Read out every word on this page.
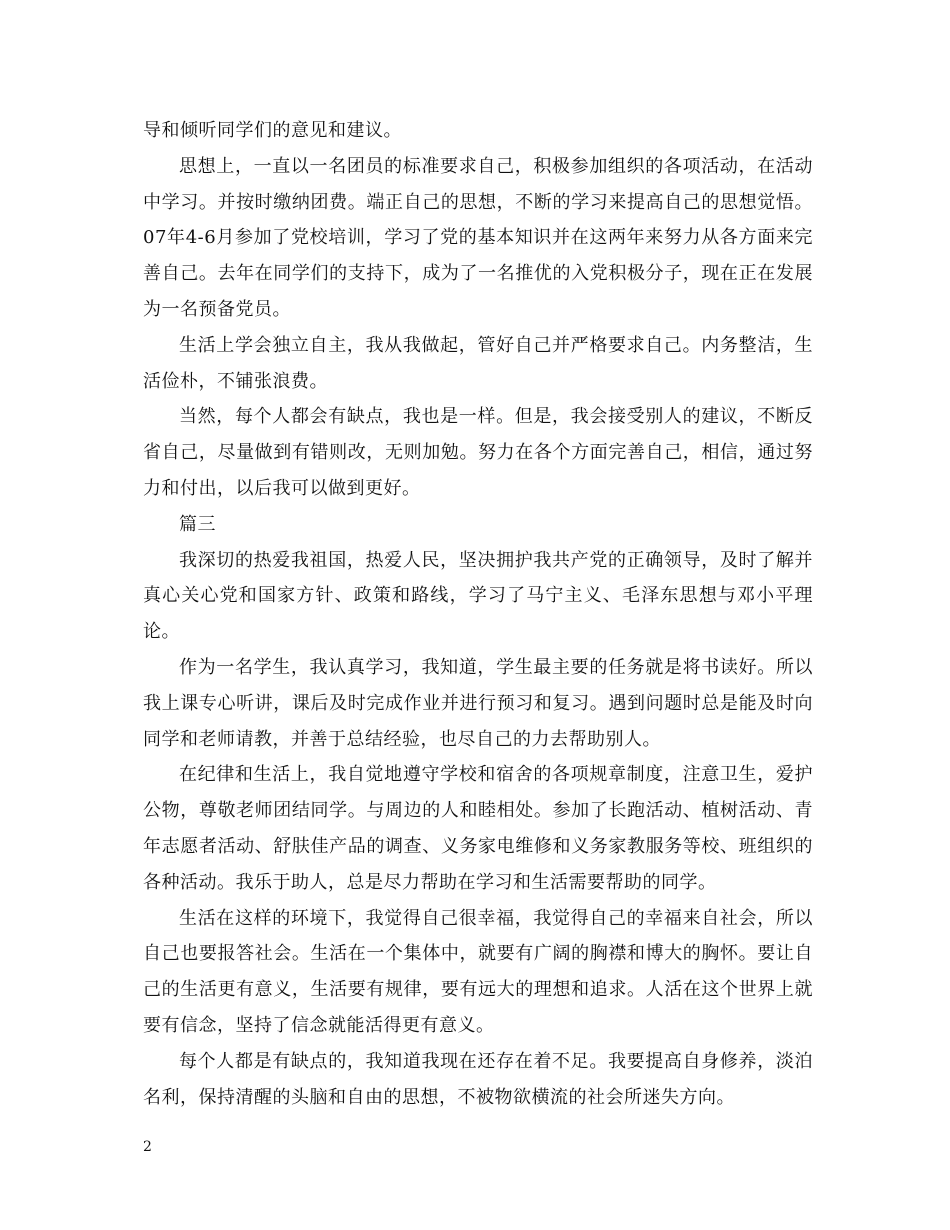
导和倾听同学们的意见和建议。

思想上，一直以一名团员的标准要求自己，积极参加组织的各项活动，在活动中学习。并按时缴纳团费。端正自己的思想，不断的学习来提高自己的思想觉悟。07年4-6月参加了党校培训，学习了党的基本知识并在这两年来努力从各方面来完善自己。去年在同学们的支持下，成为了一名推优的入党积极分子，现在正在发展为一名预备党员。

生活上学会独立自主，我从我做起，管好自己并严格要求自己。内务整洁，生活俭朴，不铺张浪费。

当然，每个人都会有缺点，我也是一样。但是，我会接受别人的建议，不断反省自己，尽量做到有错则改，无则加勉。努力在各个方面完善自己，相信，通过努力和付出，以后我可以做到更好。

篇三

我深切的热爱我祖国，热爱人民，坚决拥护我共产党的正确领导，及时了解并真心关心党和国家方针、政策和路线，学习了马宁主义、毛泽东思想与邓小平理论。

作为一名学生，我认真学习，我知道，学生最主要的任务就是将书读好。所以我上课专心听讲，课后及时完成作业并进行预习和复习。遇到问题时总是能及时向同学和老师请教，并善于总结经验，也尽自己的力去帮助别人。

在纪律和生活上，我自觉地遵守学校和宿舍的各项规章制度，注意卫生，爱护公物，尊敬老师团结同学。与周边的人和睦相处。参加了长跑活动、植树活动、青年志愿者活动、舒肤佳产品的调查、义务家电维修和义务家教服务等校、班组织的各种活动。我乐于助人，总是尽力帮助在学习和生活需要帮助的同学。

生活在这样的环境下，我觉得自己很幸福，我觉得自己的幸福来自社会，所以自己也要报答社会。生活在一个集体中，就要有广阔的胸襟和博大的胸怀。要让自己的生活更有意义，生活要有规律，要有远大的理想和追求。人活在这个世界上就要有信念，坚持了信念就能活得更有意义。

每个人都是有缺点的，我知道我现在还存在着不足。我要提高自身修养，淡泊名利，保持清醒的头脑和自由的思想，不被物欲横流的社会所迷失方向。

2
